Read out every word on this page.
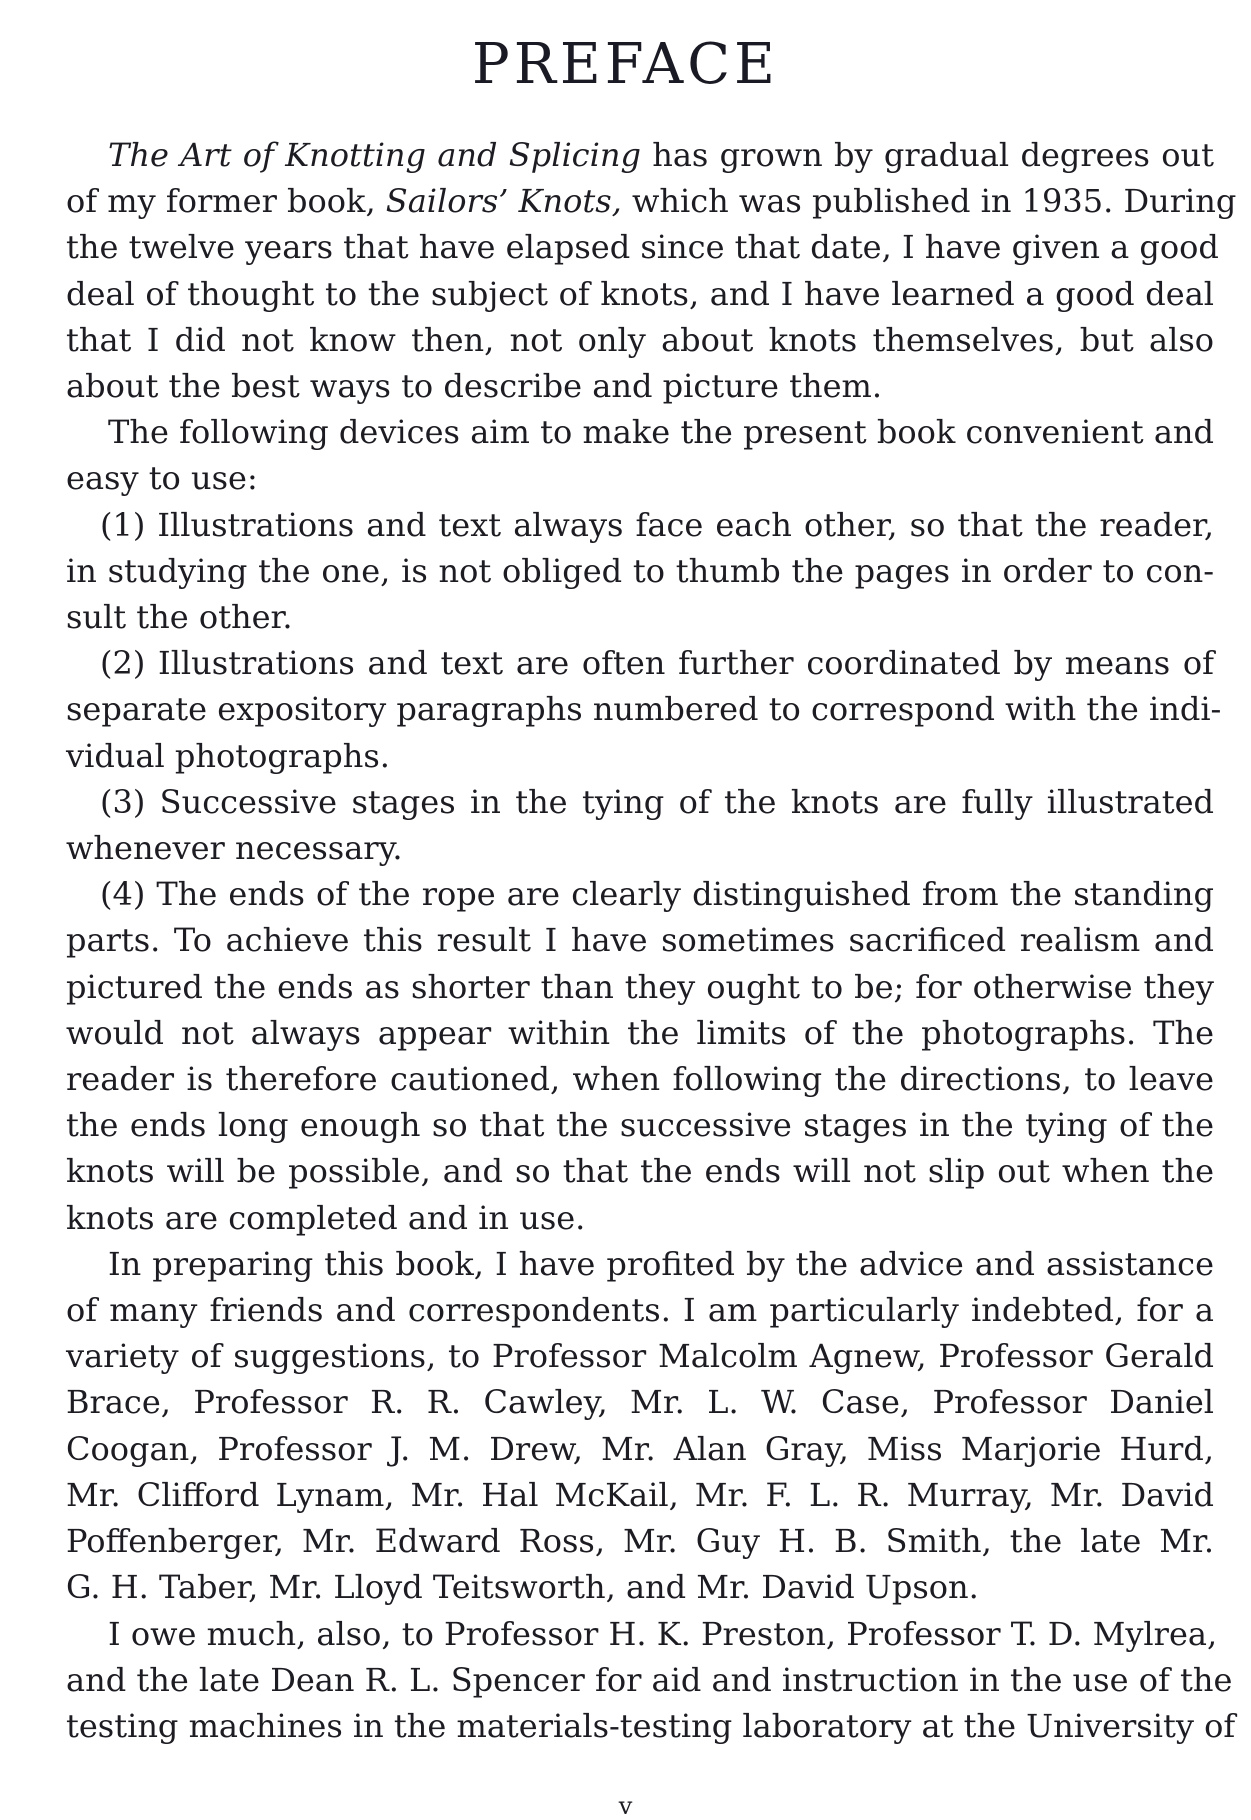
PREFACE

The Art of Knotting and Splicing has grown by gradual degrees out
of my former book, Sailors’ Knots, which was published in 1935. During
the twelve years that have elapsed since that date, I have given a good
deal of thought to the subject of knots, and I have learned a good deal
that I did not know then, not only about knots themselves, but also
about the best ways to describe and picture them.

The following devices aim to make the present book convenient and
easy to use:

(1) Illustrations and text always face each other, so that the reader,
in studying the one, is not obliged to thumb the pages in order to con-
sult the other.

(2) Illustrations and text are often further coordinated by means of
separate expository paragraphs numbered to correspond with the indi-
vidual photographs.

(3) Successive stages in the tying of the knots are fully illustrated
whenever necessary.

(4) The ends of the rope are clearly distinguished from the standing
parts. To achieve this result I have sometimes sacrificed realism and
pictured the ends as shorter than they ought to be; for otherwise they
would not always appear within the limits of the photographs. The
reader is therefore cautioned, when following the directions, to leave
the ends long enough so that the successive stages in the tying of the
knots will be possible, and so that the ends will not slip out when the
knots are completed and in use.

In preparing this book, I have profited by the advice and assistance
of many friends and correspondents. I am particularly indebted, for a
variety of suggestions, to Professor Malcolm Agnew, Professor Gerald
Brace, Professor R. R. Cawley, Mr. L. W. Case, Professor Daniel
Coogan, Professor J. M. Drew, Mr. Alan Gray, Miss Marjorie Hurd,
Mr. Clifford Lynam, Mr. Hal McKail, Mr. F. L. R. Murray, Mr. David
Poffenberger, Mr. Edward Ross, Mr. Guy H. B. Smith, the late Mr.
G. H. Taber, Mr. Lloyd Teitsworth, and Mr. David Upson.

I owe much, also, to Professor H. K. Preston, Professor T. D. Mylrea,
and the late Dean R. L. Spencer for aid and instruction in the use of the
testing machines in the materials-testing laboratory at the University of

v
